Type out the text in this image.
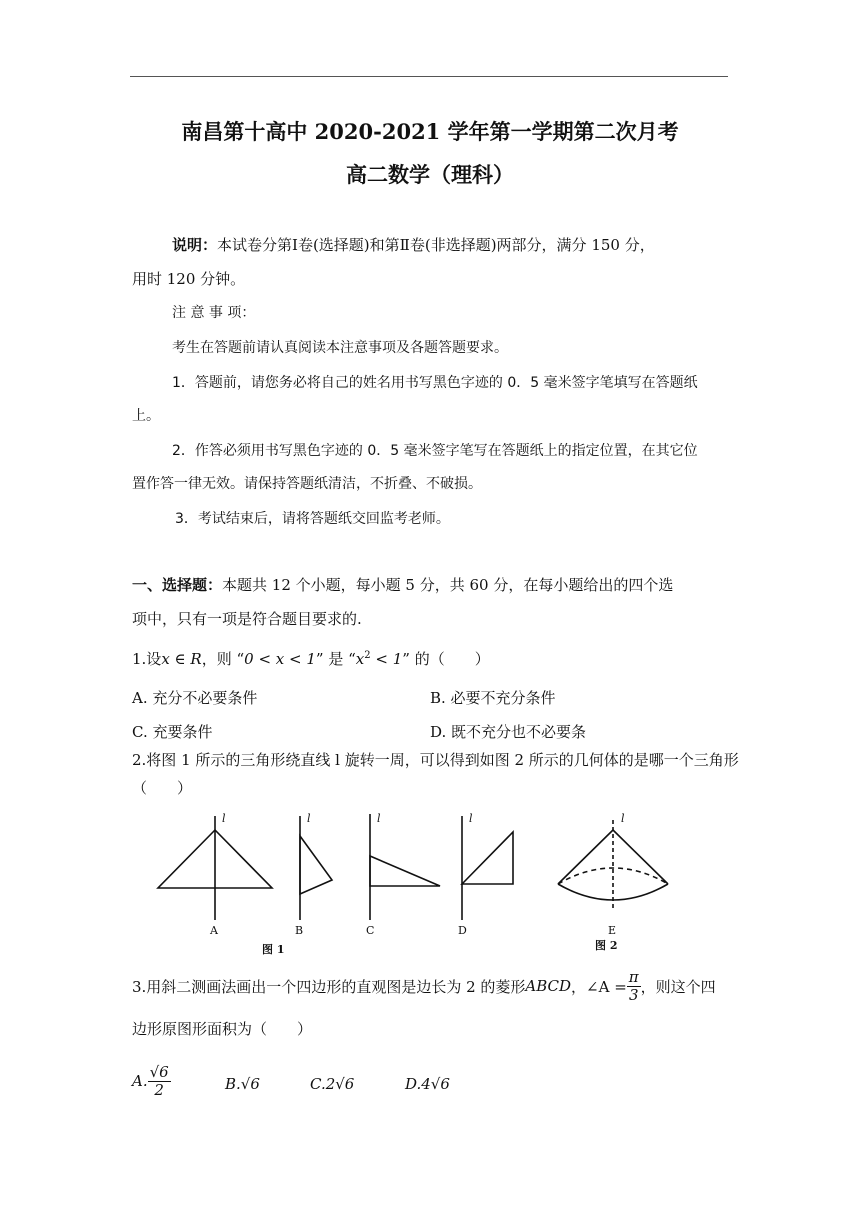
南昌第十高中 2020-2021 学年第一学期第二次月考
高二数学（理科）
说明：本试卷分第Ⅰ卷(选择题)和第Ⅱ卷(非选择题)两部分，满分 150 分，
用时 120 分钟。
注 意 事 项：
考生在答题前请认真阅读本注意事项及各题答题要求。
1．答题前，请您务必将自己的姓名用书写黑色字迹的 0．5 毫米签字笔填写在答题纸
上。
2．作答必须用书写黑色字迹的 0．5 毫米签字笔写在答题纸上的指定位置，在其它位
置作答一律无效。请保持答题纸清洁，不折叠、不破损。
3．考试结束后，请将答题纸交回监考老师。
一、选择题：本题共 12 个小题，每小题 5 分，共 60 分，在每小题给出的四个选
项中，只有一项是符合题目要求的.
1.设x ∈ R，则 “0 < x < 1” 是 “$x^2 < 1$” 的（　　）
A. 充分不必要条件	B. 必要不充分条件
C. 充要条件	D. 既不充分也不必要条
2.将图 1 所示的三角形绕直线 l 旋转一周，可以得到如图 2 所示的几何体的是哪一个三角形
（　　）
l	l	l	l	l
A	B	C	D	E
图 1	图 2
3.用斜二测画法画出一个四边形的直观图是边长为 2 的菱形 ABCD ，∠A = $\frac{\pi}{3}$ ，则这个四
边形原图形面积为（　　）
A. $\frac{√6}{2}$	B.√6	C.2√6	D.4√6
